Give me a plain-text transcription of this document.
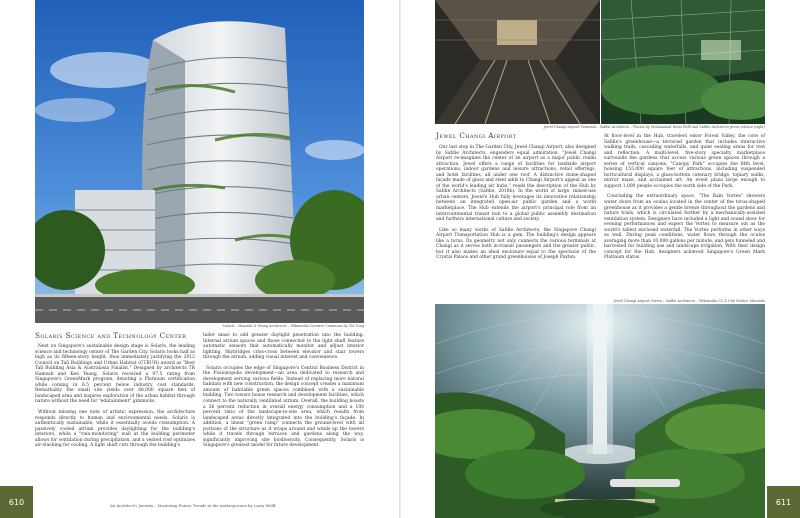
Solaris – Hamzah & Yeang Architects – Wikimedia Creative Commons by Chi Tong
Solaris Science and Technology Center

Next on Singapore's sustainable design stage is Solaris, the leading science and technology center of The Garden City. Solaris looks half as high as its fifteen-story height, thus immediately justifying the 2012 Council on Tall Buildings and Urban Habitat (CTBUH) award as "Best Tall Building Asia & Australasia Finalist." Designed by architects TR Hamzah and Ken Yeang, Solaris received a 97.5 rating from Singapore's GreenMark program, denoting a Platinum certification while coming in 6.5 percent below industry cost standards. Remarkably the small site yields over 88,000 square feet of landscaped area and inspires exploration of the urban habitat through nature without the need for "edutainment" gimmicks.

Without missing one note of artistic expression, the architecture responds directly to human and environmental needs. Solaris is authentically sustainable, while it essentially avoids consumption. A passively cooled atrium provides daylighting for the building's interiors, while a "rain-monitoring" wall at the building perimeter allows for ventilation during precipitation, and a vented roof optimizes air-stacking for cooling. A light shaft cuts through the building's

taller mass to add greater daylight penetration into the building. Internal atrium spaces and those connected to the light shaft feature automatic sensors that automatically monitor and adjust interior lighting. Skybridges criss-cross between elevator and stair towers through the atrium, adding visual interest and convenience.

Solaris occupies the edge of Singapore's Central Business District in the Fusionopolis development—an area dedicated to research and development serving various fields. Instead of replacing more natural habitats with new construction, the design concept creates a maximum amount of habitable green spaces combined with a sustainable building. Two towers house research and development facilities, which connect to the naturally ventilated atrium. Overall, the building boasts a 36 percent reduction in overall energy consumption and a 108 percent ratio of the landscape-to-site area, which results from landscaped areas directly integrated into the building's façade. In addition, a linear "green ramp" connects the ground-level with all portions of the structure as it wraps around and winds up the towers while it travels through terraces and gardens along the way, significantly improving site biodiversity. Consequently, Solaris is Singapore's greatest model for future development.

610	An Architect's Journey – Mastering Future Trends in the Anthropocene by Larry Wolff
Jewel Changi Airport Terminal – Safdie Architects – Photos by Muhammad Hariz Ilefli and Safdie Architects press release (right)
Jewel Changi Airport

Our last stop in The Garden City, Jewel Changi Airport, also designed by Safdie Architects, engenders equal admiration. "Jewel Changi Airport re-imagines the center of an airport as a major public realm attraction. Jewel offers a range of facilities for landside airport operations, indoor gardens and leisure attractions, retail offerings, and hotel facilities, all under one roof. A distinctive dome-shaped façade made of glass and steel adds to Changi Airport's appeal as one of the world's leading air hubs," reads the description of the Hub by Safdie Architects (Safdie, 2018b). In the world of large, mixed-use urban centers, Jewel's Hub fully leverages its innovative relationship between an integrated open-air public garden and a world marketplace. The Hub extends the airport's principal role from an intercontinental transit hub to a global public assembly destination and furthers international culture and society.

Like so many works of Safdie Architects, the Singapore Changi Airport Transportation Hub is a gem. The building's design appears like a torus. Its geometry not only connects the various terminals at Changi as it serves both in-transit passengers and the greater public, but it also makes an ideal enclosure equal to the spectacle of the Crystal Palace and other grand greenhouses of Joseph Paxton.

At floor-level in the Hub, travelers enter Forest Valley, the core of Safdie's greenhouse—a terraced garden that includes interactive walking trails, cascading waterfalls, and quiet seating areas for rest and reflection. A multi-level, five-story specialty marketplace surrounds the gardens that access various green spaces through a series of vertical canyons. "Canopy Park" occupies the fifth level, housing 155,000 square feet of attractions, including suspended horticultural displays, a glass-bottom catenary bridge, topiary walks, mirror maze, and acclaimed art. An event plaza large enough to support 1,000 people occupies the north side of the Park.

Concluding the extraordinary space, "The Rain Vortex" showers water down from an oculus located in the center of the torus-shaped greenhouse as it provides a gentle breeze throughout the gardens and nature trails, which is circulated further by a mechanically-assisted ventilation system. Designers have included a light and sound show for evening performances and expect the Vortex to measure out as the world's tallest enclosed waterfall. The Vortex performs in other ways as well. During peak conditions, water flows through the oculus averaging more than 10,000 gallons per minute, and gets funneled and harvested for building use and landscape irrigation. With their design concept for the Hub, designers achieved Singapore's Green Mark Platinum status.

Jewel Changi Airport Vortex – Safdie Architects – Wikimedia CC 4.0 by Matteo Morando
611
